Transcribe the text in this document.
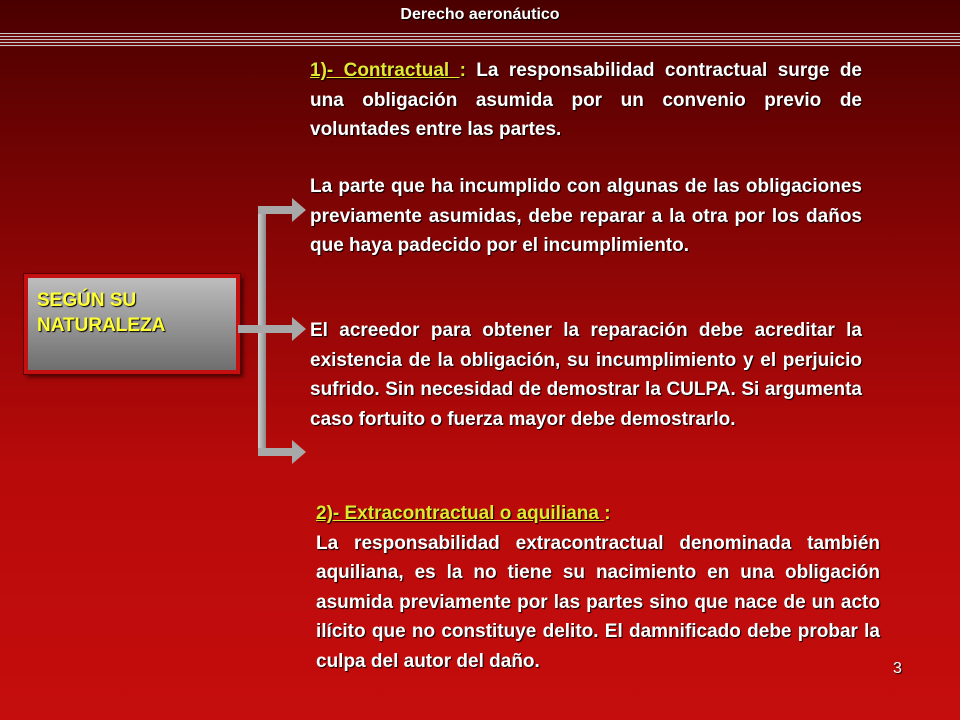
Derecho aeronáutico
SEGÚN SU
NATURALEZA

1)- Contractual : La responsabilidad contractual surge de una obligación asumida por un convenio previo de voluntades entre las partes.

La parte que ha incumplido con algunas de las obligaciones previamente asumidas, debe reparar a la otra por los daños que haya padecido por el incumplimiento.

El acreedor para obtener la reparación debe acreditar la existencia de la obligación, su incumplimiento y el perjuicio sufrido. Sin necesidad de demostrar la CULPA. Si argumenta caso fortuito o fuerza mayor debe demostrarlo.

2)- Extracontractual o aquiliana :

La responsabilidad extracontractual denominada también aquiliana, es la no tiene su nacimiento en una obligación asumida previamente por las partes sino que nace de un acto ilícito que no constituye delito. El damnificado debe probar la culpa del autor del daño.	3
